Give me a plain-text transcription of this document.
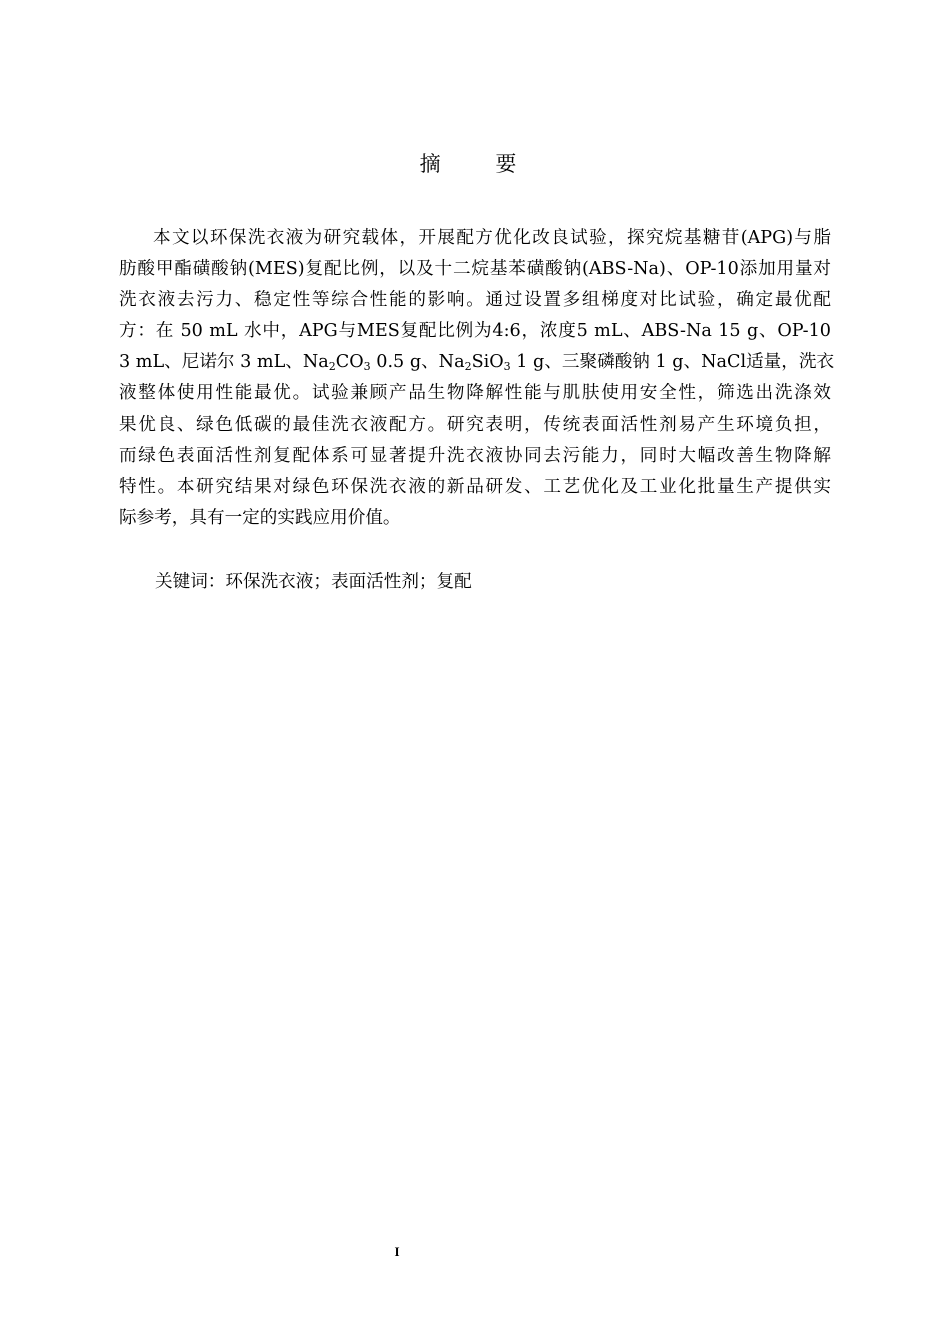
摘 要
本文以环保洗衣液为研究载体，开展配方优化改良试验，探究烷基糖苷(APG)与脂
肪酸甲酯磺酸钠(MES)复配比例，以及十二烷基苯磺酸钠(ABS-Na)、OP-10添加用量对
洗衣液去污力、稳定性等综合性能的影响。通过设置多组梯度对比试验，确定最优配
方：在 50 mL 水中，APG与MES复配比例为4:6，浓度5 mL、ABS-Na 15 g、OP-10
3 mL、尼诺尔 3 mL、$Na_2CO_3$ 0.5 g、$Na_2SiO_3$ 1 g、三聚磷酸钠 1 g、NaCl适量，洗衣
液整体使用性能最优。试验兼顾产品生物降解性能与肌肤使用安全性，筛选出洗涤效
果优良、绿色低碳的最佳洗衣液配方。研究表明，传统表面活性剂易产生环境负担，
而绿色表面活性剂复配体系可显著提升洗衣液协同去污能力，同时大幅改善生物降解
特性。本研究结果对绿色环保洗衣液的新品研发、工艺优化及工业化批量生产提供实
际参考，具有一定的实践应用价值。
关键词：环保洗衣液；表面活性剂；复配
I
